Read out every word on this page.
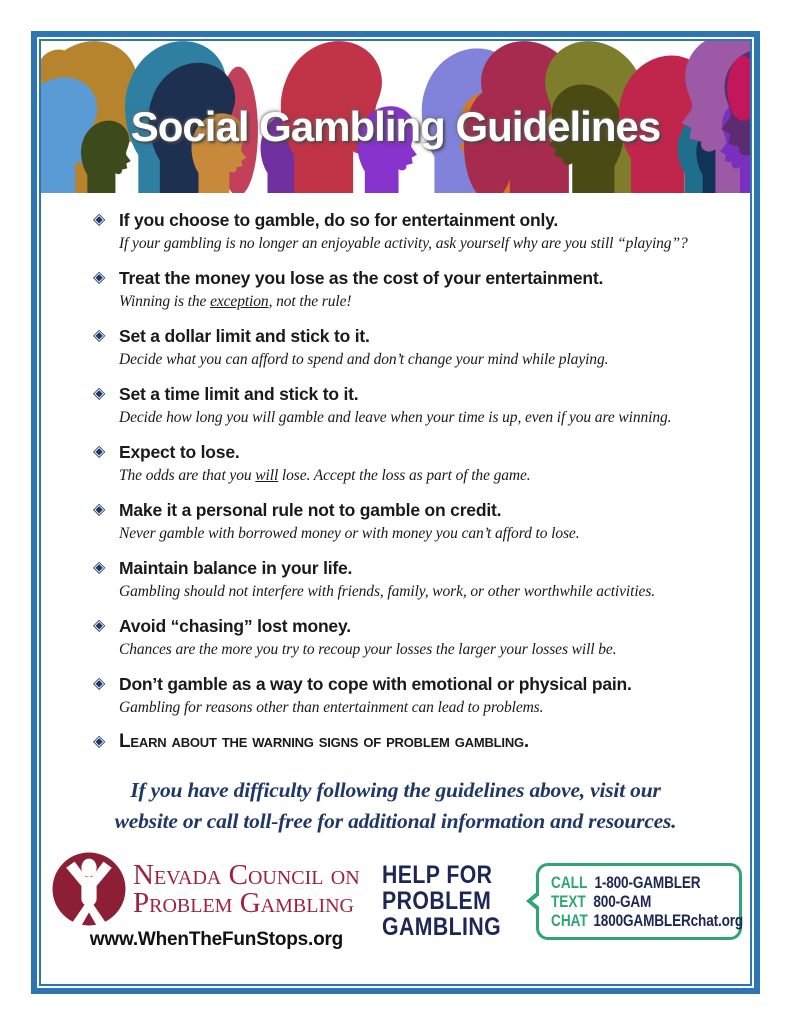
Social Gambling Guidelines
◈ If you choose to gamble, do so for entertainment only.
If your gambling is no longer an enjoyable activity, ask yourself why are you still “playing”?
◈ Treat the money you lose as the cost of your entertainment.
Winning is the exception, not the rule!
◈ Set a dollar limit and stick to it.
Decide what you can afford to spend and don’t change your mind while playing.
◈ Set a time limit and stick to it.
Decide how long you will gamble and leave when your time is up, even if you are winning.
◈ Expect to lose.
The odds are that you will lose. Accept the loss as part of the game.
◈ Make it a personal rule not to gamble on credit.
Never gamble with borrowed money or with money you can’t afford to lose.
◈ Maintain balance in your life.
Gambling should not interfere with friends, family, work, or other worthwhile activities.
◈ Avoid “chasing” lost money.
Chances are the more you try to recoup your losses the larger your losses will be.
◈ Don’t gamble as a way to cope with emotional or physical pain.
Gambling for reasons other than entertainment can lead to problems.
◈ Learn about the warning signs of problem gambling.
If you have difficulty following the guidelines above, visit our
website or call toll-free for additional information and resources.
Nevada Council on
Problem Gambling
www.WhenTheFunStops.org
HELP FOR
PROBLEM
GAMBLING
CALL 1-800-GAMBLER
TEXT 800-GAM
CHAT 1800GAMBLERchat.org
